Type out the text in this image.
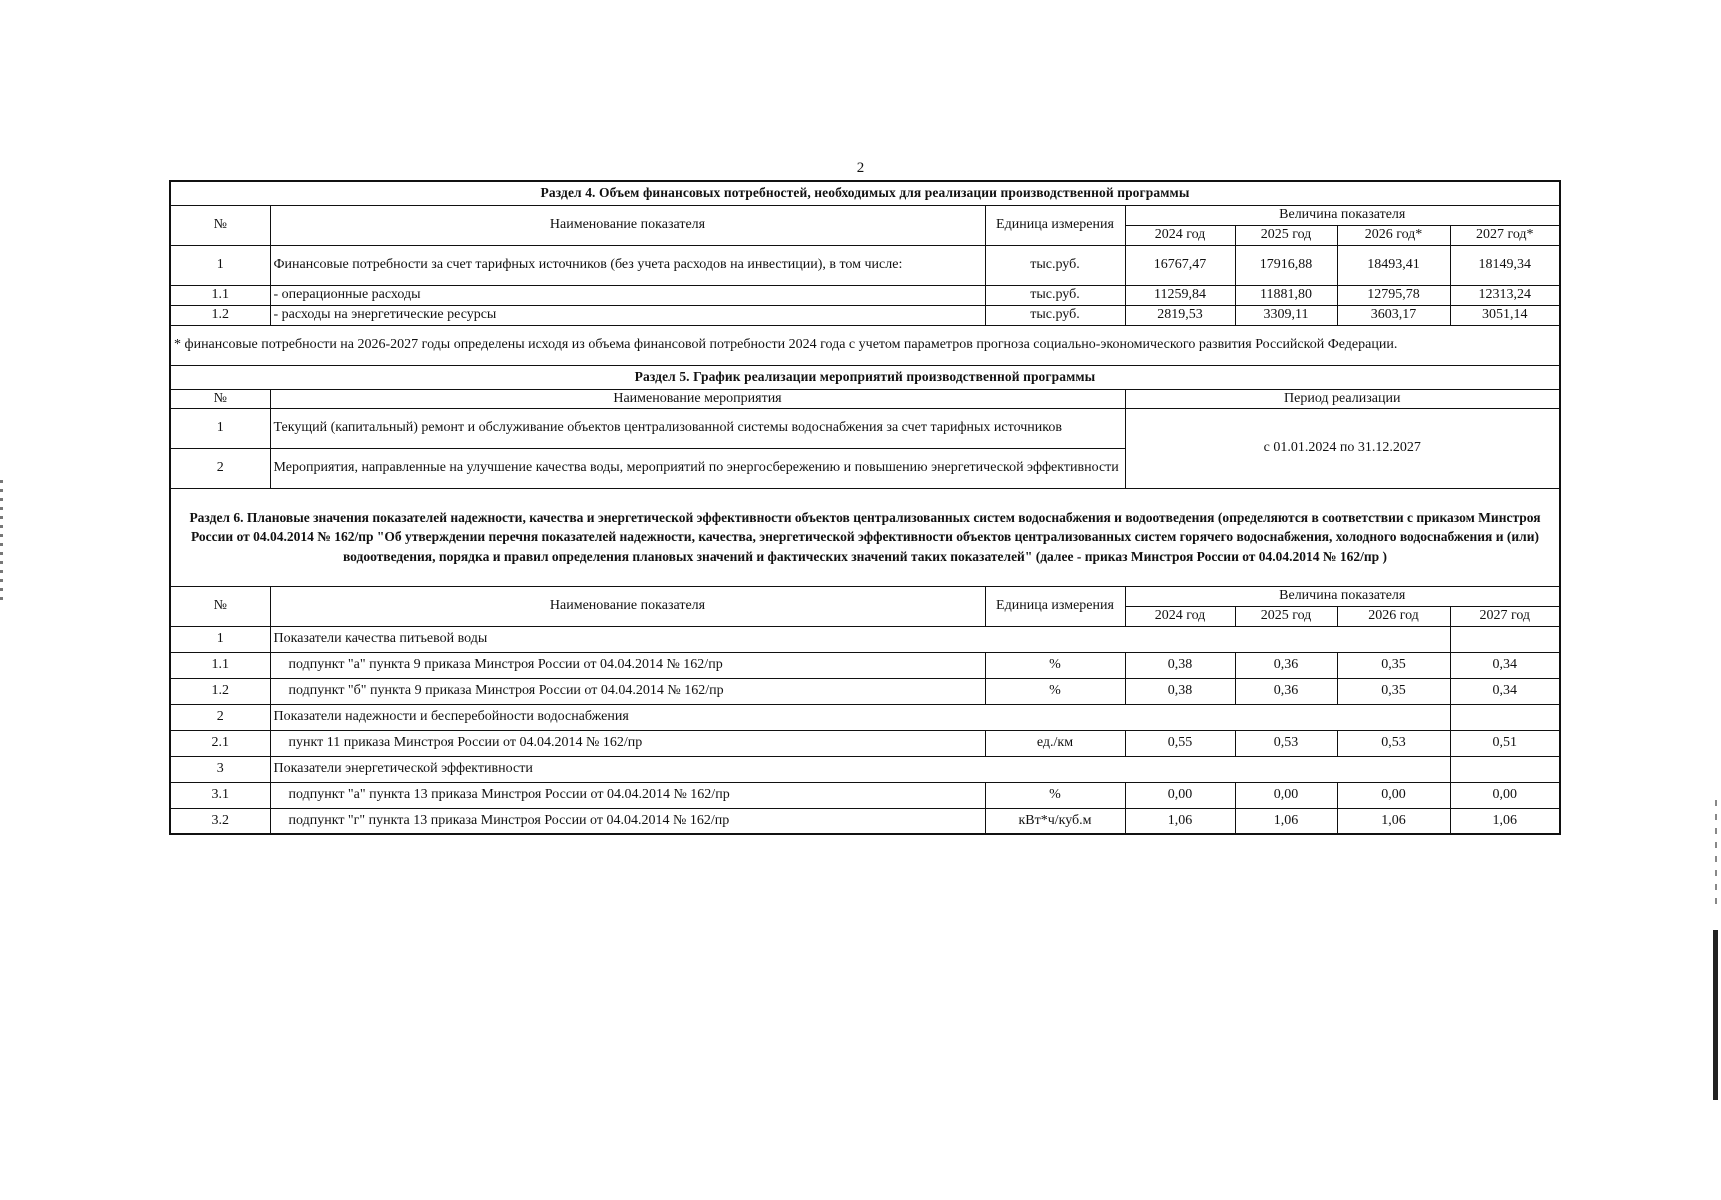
2
Раздел 4. Объем финансовых потребностей, необходимых для реализации производственной программы						
№	Наименование показателя	Единица измерения	Величина показателя			
			2024 год	2025 год	2026 год*	2027 год*
1	Финансовые потребности за счет тарифных источников (без учета расходов на инвестиции), в том числе:	тыс.руб.	16767,47	17916,88	18493,41	18149,34
1.1	- операционные расходы	тыс.руб.	11259,84	11881,80	12795,78	12313,24
1.2	- расходы на энергетические ресурсы	тыс.руб.	2819,53	3309,11	3603,17	3051,14
* финансовые потребности на 2026-2027 годы определены исходя из объема финансовой потребности 2024 года с учетом параметров прогноза социально-экономического развития Российской Федерации.						
Раздел 5. График реализации мероприятий производственной программы						
№	Наименование мероприятия		Период реализации			
1	Текущий (капитальный) ремонт и обслуживание объектов централизованной системы водоснабжения за счет тарифных источников		с 01.01.2024 по 31.12.2027			
2	Мероприятия, направленные на улучшение качества воды, мероприятий по энергосбережению и повышению энергетической эффективности					
Раздел 6. Плановые значения показателей надежности, качества и энергетической эффективности объектов централизованных систем водоснабжения и водоотведения (определяются в соответствии с приказом Минстроя России от 04.04.2014 № 162/пр "Об утверждении перечня показателей надежности, качества, энергетической эффективности объектов централизованных систем горячего водоснабжения, холодного водоснабжения и (или) водоотведения, порядка и правил определения плановых значений и фактических значений таких показателей" (далее - приказ Минстроя России от 04.04.2014 № 162/пр )						
№	Наименование показателя	Единица измерения	Величина показателя			
			2024 год	2025 год	2026 год	2027 год
1	Показатели качества питьевой воды					
1.1	подпункт "а" пункта 9 приказа Минстроя России от 04.04.2014 № 162/пр	%	0,38	0,36	0,35	0,34
1.2	подпункт "б" пункта 9 приказа Минстроя России от 04.04.2014 № 162/пр	%	0,38	0,36	0,35	0,34
2	Показатели надежности и бесперебойности водоснабжения					
2.1	пункт 11 приказа Минстроя России от 04.04.2014 № 162/пр	ед./км	0,55	0,53	0,53	0,51
3	Показатели энергетической эффективности					
3.1	подпункт "а" пункта 13 приказа Минстроя России от 04.04.2014 № 162/пр	%	0,00	0,00	0,00	0,00
3.2	подпункт "г" пункта 13 приказа Минстроя России от 04.04.2014 № 162/пр	кВт*ч/куб.м	1,06	1,06	1,06	1,06
